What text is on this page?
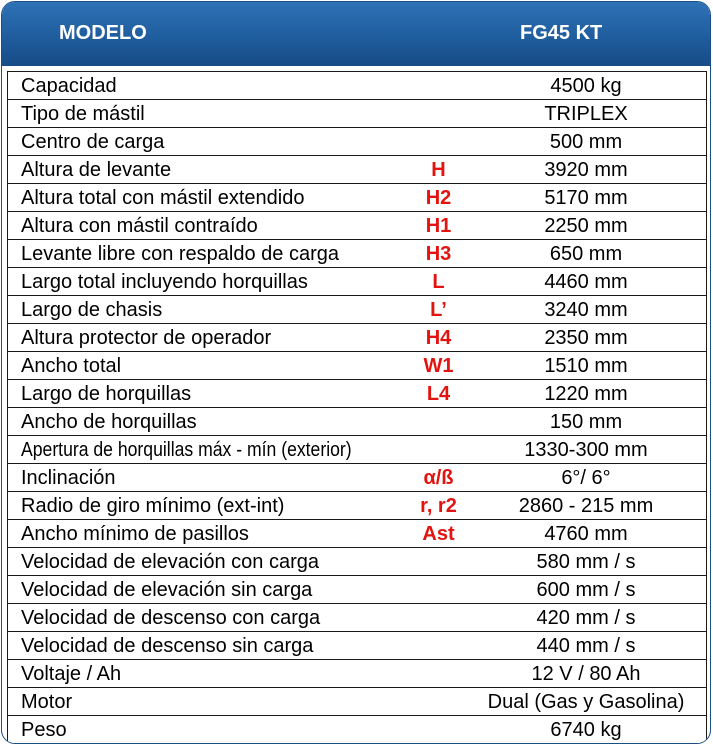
MODELO	FG45 KT
Capacidad	4500 kg
Tipo de mástil	TRIPLEX
Centro de carga	500 mm
Altura de levante	H	3920 mm
Altura total con mástil extendido	H2	5170 mm
Altura con mástil contraído	H1	2250 mm
Levante libre con respaldo de carga	H3	650 mm
Largo total incluyendo horquillas	L	4460 mm
Largo de chasis	L’	3240 mm
Altura protector de operador	H4	2350 mm
Ancho total	W1	1510 mm
Largo de horquillas	L4	1220 mm
Ancho de horquillas	150 mm
Apertura de horquillas máx - mín (exterior)	1330-300 mm
Inclinación	α/ß	6°/ 6°
Radio de giro mínimo (ext-int)	r, r2	2860 - 215 mm
Ancho mínimo de pasillos	Ast	4760 mm
Velocidad de elevación con carga	580 mm / s
Velocidad de elevación sin carga	600 mm / s
Velocidad de descenso con carga	420 mm / s
Velocidad de descenso sin carga	440 mm / s
Voltaje / Ah	12 V / 80 Ah
Motor	Dual (Gas y Gasolina)
Peso	6740 kg
